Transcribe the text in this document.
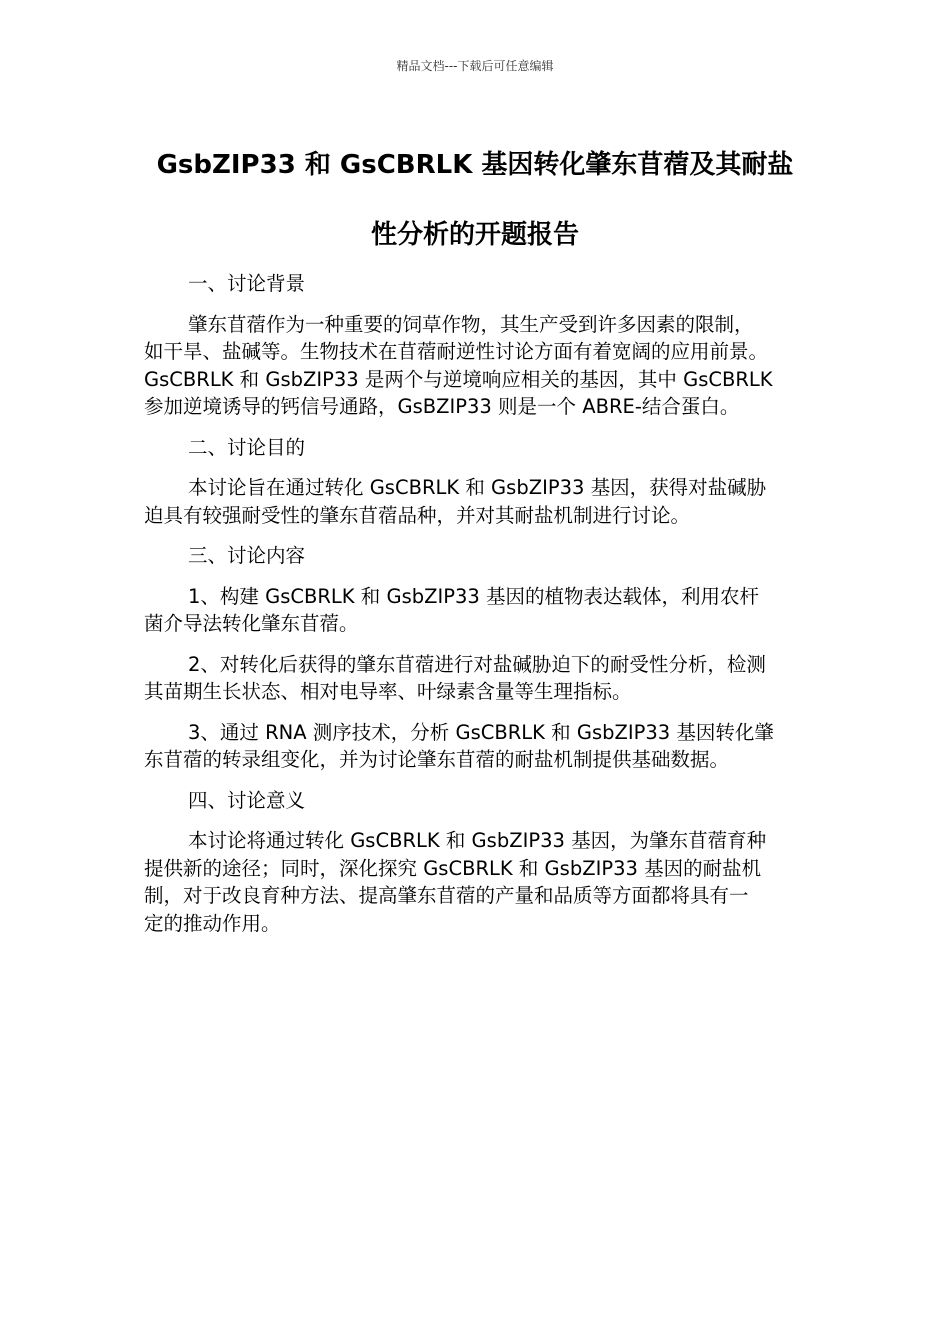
精品文档---下载后可任意编辑
GsbZIP33 和 GsCBRLK 基因转化肇东苜蓿及其耐盐
性分析的开题报告
一、讨论背景
肇东苜蓿作为一种重要的饲草作物，其生产受到许多因素的限制，
如干旱、盐碱等。生物技术在苜蓿耐逆性讨论方面有着宽阔的应用前景。
GsCBRLK 和 GsbZIP33 是两个与逆境响应相关的基因，其中 GsCBRLK
参加逆境诱导的钙信号通路，GsBZIP33 则是一个 ABRE-结合蛋白。
二、讨论目的
本讨论旨在通过转化 GsCBRLK 和 GsbZIP33 基因，获得对盐碱胁
迫具有较强耐受性的肇东苜蓿品种，并对其耐盐机制进行讨论。
三、讨论内容
1、构建 GsCBRLK 和 GsbZIP33 基因的植物表达载体，利用农杆
菌介导法转化肇东苜蓿。
2、对转化后获得的肇东苜蓿进行对盐碱胁迫下的耐受性分析，检测
其苗期生长状态、相对电导率、叶绿素含量等生理指标。
3、通过 RNA 测序技术，分析 GsCBRLK 和 GsbZIP33 基因转化肇
东苜蓿的转录组变化，并为讨论肇东苜蓿的耐盐机制提供基础数据。
四、讨论意义
本讨论将通过转化 GsCBRLK 和 GsbZIP33 基因，为肇东苜蓿育种
提供新的途径；同时，深化探究 GsCBRLK 和 GsbZIP33 基因的耐盐机
制，对于改良育种方法、提高肇东苜蓿的产量和品质等方面都将具有一
定的推动作用。
